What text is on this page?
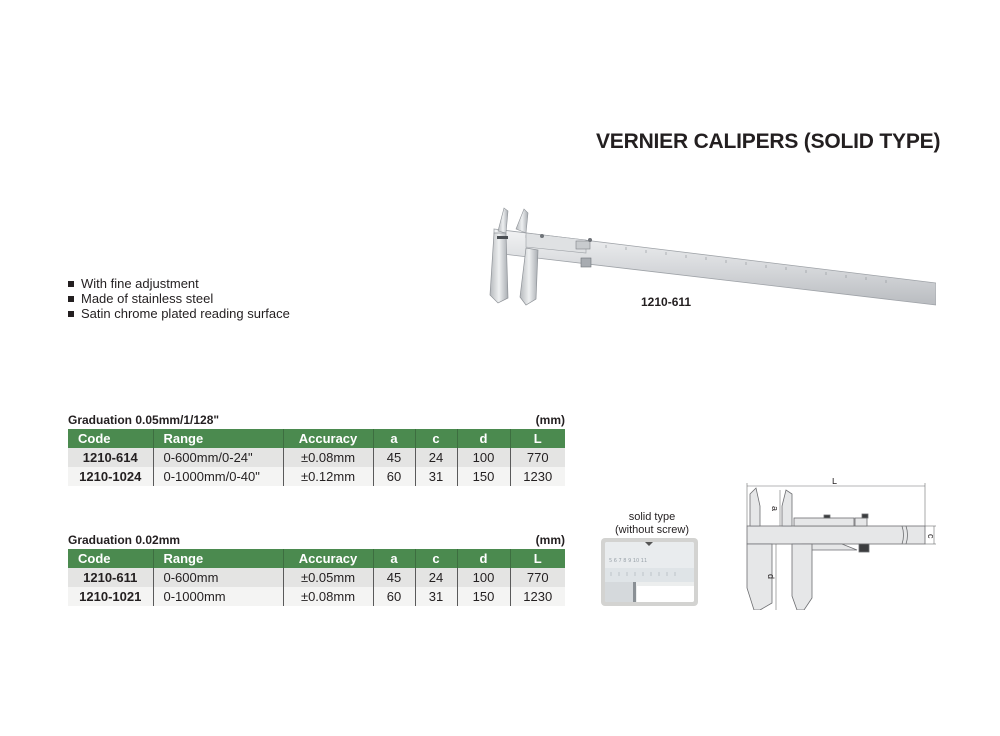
VERNIER CALIPERS (SOLID TYPE)
With fine adjustment
Made of stainless steel
Satin chrome plated reading surface
1210-611
Graduation 0.05mm/1/128"	(mm)
Code	Range	Accuracy	a	c	d	L
1210-614	0-600mm/0-24"	±0.08mm	45	24	100	770
1210-1024	0-1000mm/0-40"	±0.12mm	60	31	150	1230
Graduation 0.02mm	(mm)
Code	Range	Accuracy	a	c	d	L
1210-611	0-600mm	±0.05mm	45	24	100	770
1210-1021	0-1000mm	±0.08mm	60	31	150	1230
solid type
(without screw)
5 6 7 8 9 10 11
L
a
d
c
